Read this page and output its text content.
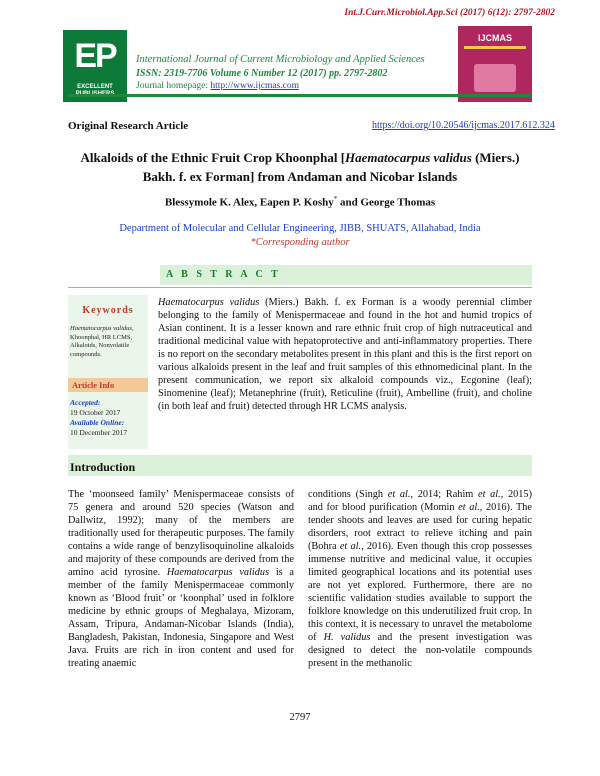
Int.J.Curr.Microbiol.App.Sci (2017) 6(12): 2797-2802
EP
EXCELLENT
International Journal of Current Microbiology and Applied Sciences
ISSN: 2319-7706 Volume 6 Number 12 (2017) pp. 2797-2802
Journal homepage: http://www.ijcmas.com
IJCMAS
Original Research Article	https://doi.org/10.20546/ijcmas.2017.612.324
Alkaloids of the Ethnic Fruit Crop Khoonphal [Haematocarpus validus (Miers.) Bakh. f. ex Forman] from Andaman and Nicobar Islands
Blessymole K. Alex, Eapen P. Koshy* and George Thomas
Department of Molecular and Cellular Engineering, JIBB, SHUATS, Allahabad, India
*Corresponding author
A B S T R A C T
Keywords
Haematocarpus validus, Khoonphal, HR LCMS, Alkaloids, Nonvolatile compounds.
Article Info
Accepted:
19 October 2017
Available Online:
10 December 2017
Haematocarpus validus (Miers.) Bakh. f. ex Forman is a woody perennial climber belonging to the family of Menispermaceae and found in the hot and humid tropics of Asian continent. It is a lesser known and rare ethnic fruit crop of high nutraceutical and traditional medicinal value with hepatoprotective and anti-inflammatory properties. There is no report on the secondary metabolites present in this plant and this is the first report on various alkaloids present in the leaf and fruit samples of this ethnomedicinal plant. In the present communication, we report six alkaloid compounds viz., Ecgonine (leaf); Sinomenine (leaf); Metanephrine (fruit), Reticuline (fruit), Ambelline (fruit), and choline (in both leaf and fruit) detected through HR LCMS analysis.
Introduction
The ‘moonseed family’ Menispermaceae consists of 75 genera and around 520 species (Watson and Dallwitz, 1992); many of the members are traditionally used for therapeutic purposes. The family contains a wide range of benzylisoquinoline alkaloids and majority of these compounds are derived from the amino acid tyrosine. Haematocarpus validus is a member of the family Menispermaceae commonly known as ‘Blood fruit’ or ‘koonphal’ used in folklore medicine by ethnic groups of Meghalaya, Mizoram, Assam, Tripura, Andaman-Nicobar Islands (India), Bangladesh, Pakistan, Indonesia, Singapore and West Java. Fruits are rich in iron content and used for treating anaemic
conditions (Singh et al., 2014; Rahim et al., 2015) and for blood purification (Momin et al., 2016). The tender shoots and leaves are used for curing hepatic disorders, root extract to relieve itching and pain (Bohra et al., 2016). Even though this crop possesses immense nutritive and medicinal value, it occupies limited geographical locations and its potential uses are not yet explored. Furthermore, there are no scientific validation studies available to support the folklore knowledge on this underutilized fruit crop. In this context, it is necessary to unravel the metabolome of H. validus and the present investigation was designed to detect the non-volatile compounds present in the methanolic
2797
